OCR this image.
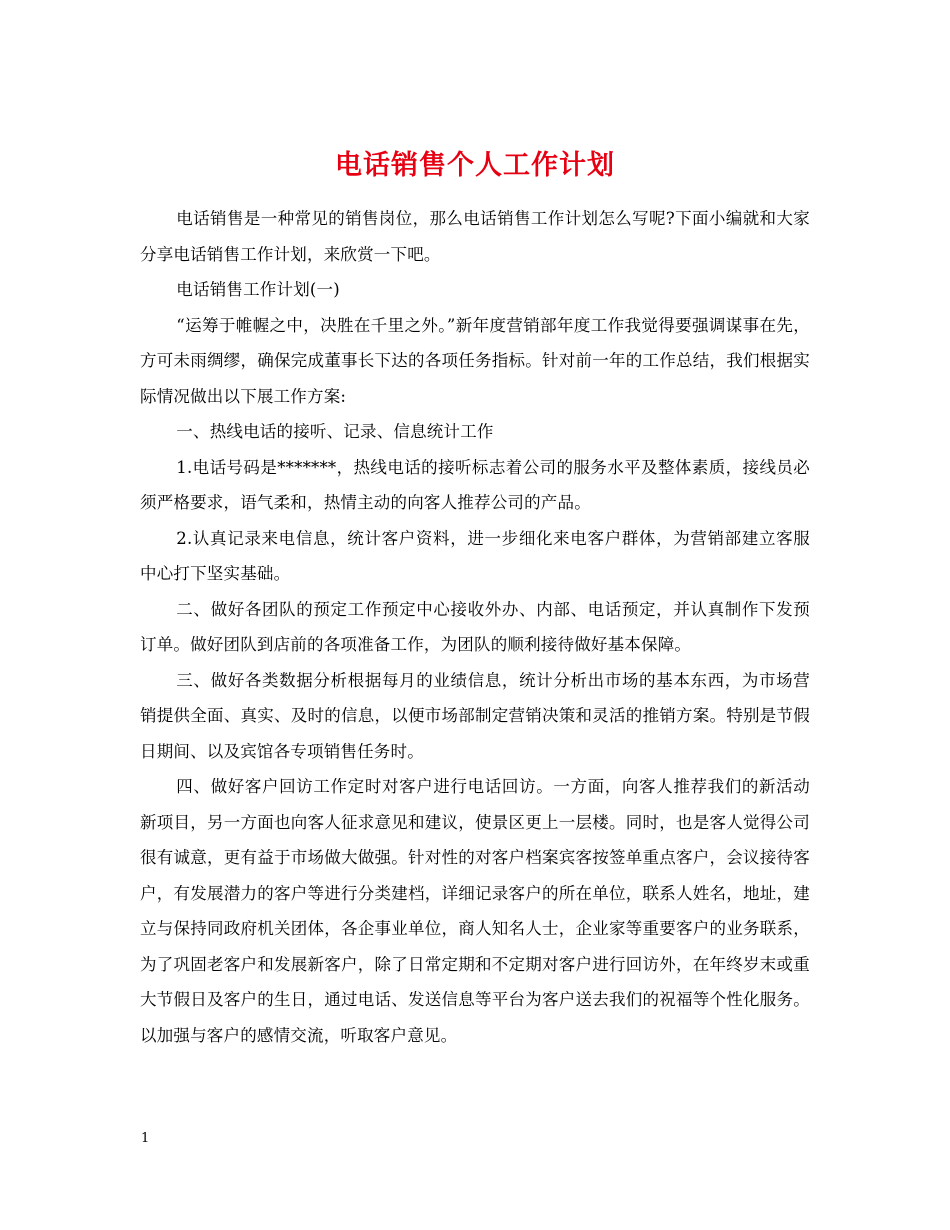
电话销售个人工作计划

电话销售是一种常见的销售岗位，那么电话销售工作计划怎么写呢?下面小编就和大家分享电话销售工作计划，来欣赏一下吧。

电话销售工作计划(一)

“运筹于帷幄之中，决胜在千里之外。”新年度营销部年度工作我觉得要强调谋事在先，方可未雨绸缪，确保完成董事长下达的各项任务指标。针对前一年的工作总结，我们根据实际情况做出以下展工作方案:

一、热线电话的接听、记录、信息统计工作

1.电话号码是*******，热线电话的接听标志着公司的服务水平及整体素质，接线员必须严格要求，语气柔和，热情主动的向客人推荐公司的产品。

2.认真记录来电信息，统计客户资料，进一步细化来电客户群体，为营销部建立客服中心打下坚实基础。

二、做好各团队的预定工作预定中心接收外办、内部、电话预定，并认真制作下发预订单。做好团队到店前的各项准备工作，为团队的顺利接待做好基本保障。

三、做好各类数据分析根据每月的业绩信息，统计分析出市场的基本东西，为市场营销提供全面、真实、及时的信息，以便市场部制定营销决策和灵活的推销方案。特别是节假日期间、以及宾馆各专项销售任务时。

四、做好客户回访工作定时对客户进行电话回访。一方面，向客人推荐我们的新活动新项目，另一方面也向客人征求意见和建议，使景区更上一层楼。同时，也是客人觉得公司很有诚意，更有益于市场做大做强。针对性的对客户档案宾客按签单重点客户，会议接待客户，有发展潜力的客户等进行分类建档，详细记录客户的所在单位，联系人姓名，地址，建立与保持同政府机关团体，各企事业单位，商人知名人士，企业家等重要客户的业务联系，为了巩固老客户和发展新客户，除了日常定期和不定期对客户进行回访外，在年终岁末或重大节假日及客户的生日，通过电话、发送信息等平台为客户送去我们的祝福等个性化服务。以加强与客户的感情交流，听取客户意见。

1
